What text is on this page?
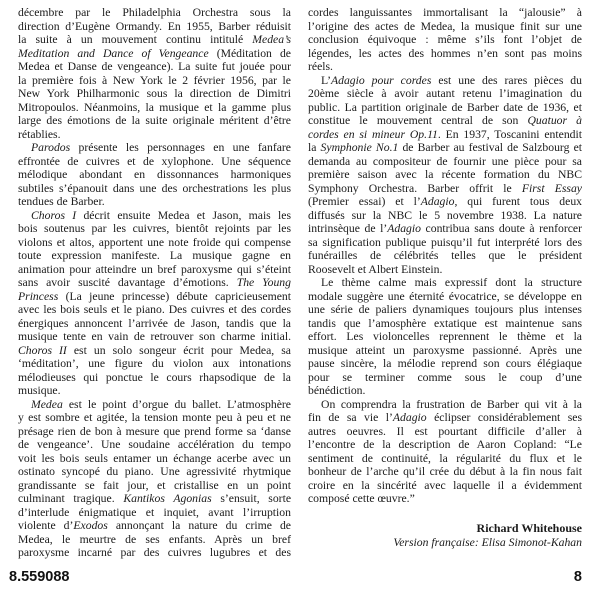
décembre par le Philadelphia Orchestra sous la
direction d’Eugène Ormandy. En 1955, Barber réduisit
la suite à un mouvement continu intitulé Medea’s
Meditation and Dance of Vengeance (Méditation de
Medea et Danse de vengeance). La suite fut jouée pour
la première fois à New York le 2 février 1956, par le
New York Philharmonic sous la direction de Dimitri
Mitropoulos. Néanmoins, la musique et la gamme plus
large des émotions de la suite originale méritent d’être
rétablies.
Parodos présente les personnages en une fanfare
effrontée de cuivres et de xylophone. Une séquence
mélodique abondant en dissonnances harmoniques
subtiles s’épanouit dans une des orchestrations les plus
tendues de Barber.
Choros I décrit ensuite Medea et Jason, mais les
bois soutenus par les cuivres, bientôt rejoints par les
violons et altos, apportent une note froide qui compense
toute expression manifeste. La musique gagne en
animation pour atteindre un bref paroxysme qui s’éteint
sans avoir suscité davantage d’émotions. The Young
Princess (La jeune princesse) débute capricieusement
avec les bois seuls et le piano. Des cuivres et des cordes
énergiques annoncent l’arrivée de Jason, tandis que la
musique tente en vain de retrouver son charme initial.
Choros II est un solo songeur écrit pour Medea, sa
‘méditation’, une figure du violon aux intonations
mélodieuses qui ponctue le cours rhapsodique de la
musique.
Medea est le point d’orgue du ballet. L’atmosphère
y est sombre et agitée, la tension monte peu à peu et ne
présage rien de bon à mesure que prend forme sa ‘danse
de vengeance’. Une soudaine accélération du tempo
voit les bois seuls entamer un échange acerbe avec un
ostinato syncopé du piano. Une agressivité rhytmique
grandissante se fait jour, et cristallise en un point
culminant tragique. Kantikos Agonias s’ensuit, sorte
d’interlude énigmatique et inquiet, avant l’irruption
violente d’Exodos annonçant la nature du crime de
Medea, le meurtre de ses enfants. Après un bref
paroxysme incarné par des cuivres lugubres et des
cordes languissantes immortalisant la “jalousie” à
l’origine des actes de Medea, la musique finit sur une
conclusion équivoque : même s’ils font l’objet de
légendes, les actes des hommes n’en sont pas moins
réels.
L’Adagio pour cordes est une des rares pièces du
20ème siècle à avoir autant retenu l’imagination du
public. La partition originale de Barber date de 1936, et
constitue le mouvement central de son Quatuor à
cordes en si mineur Op.11. En 1937, Toscanini entendit
la Symphonie No.1 de Barber au festival de Salzbourg et
demanda au compositeur de fournir une pièce pour sa
première saison avec la récente formation du NBC
Symphony Orchestra. Barber offrit le First Essay
(Premier essai) et l’Adagio, qui furent tous deux
diffusés sur la NBC le 5 novembre 1938. La nature
intrinsèque de l’Adagio contribua sans doute à renforcer
sa signification publique puisqu’il fut interprété lors des
funérailles de célébrités telles que le président
Roosevelt et Albert Einstein.
Le thème calme mais expressif dont la structure
modale suggère une éternité évocatrice, se développe en
une série de paliers dynamiques toujours plus intenses
tandis que l’amosphère extatique est maintenue sans
effort. Les violoncelles reprennent le thème et la
musique atteint un paroxysme passionné. Après une
pause sincère, la mélodie reprend son cours élégiaque
pour se terminer comme sous le coup d’une
bénédiction.
On comprendra la frustration de Barber qui vit à la
fin de sa vie l’Adagio éclipser considérablement ses
autres oeuvres. Il est pourtant difficile d’aller à
l’encontre de la description de Aaron Copland: “Le
sentiment de continuité, la régularité du flux et le
bonheur de l’arche qu’il crée du début à la fin nous fait
croire en la sincérité avec laquelle il a évidemment
composé cette œuvre.”
Richard Whitehouse
Version française: Elisa Simonot-Kahan
8.559088	8
